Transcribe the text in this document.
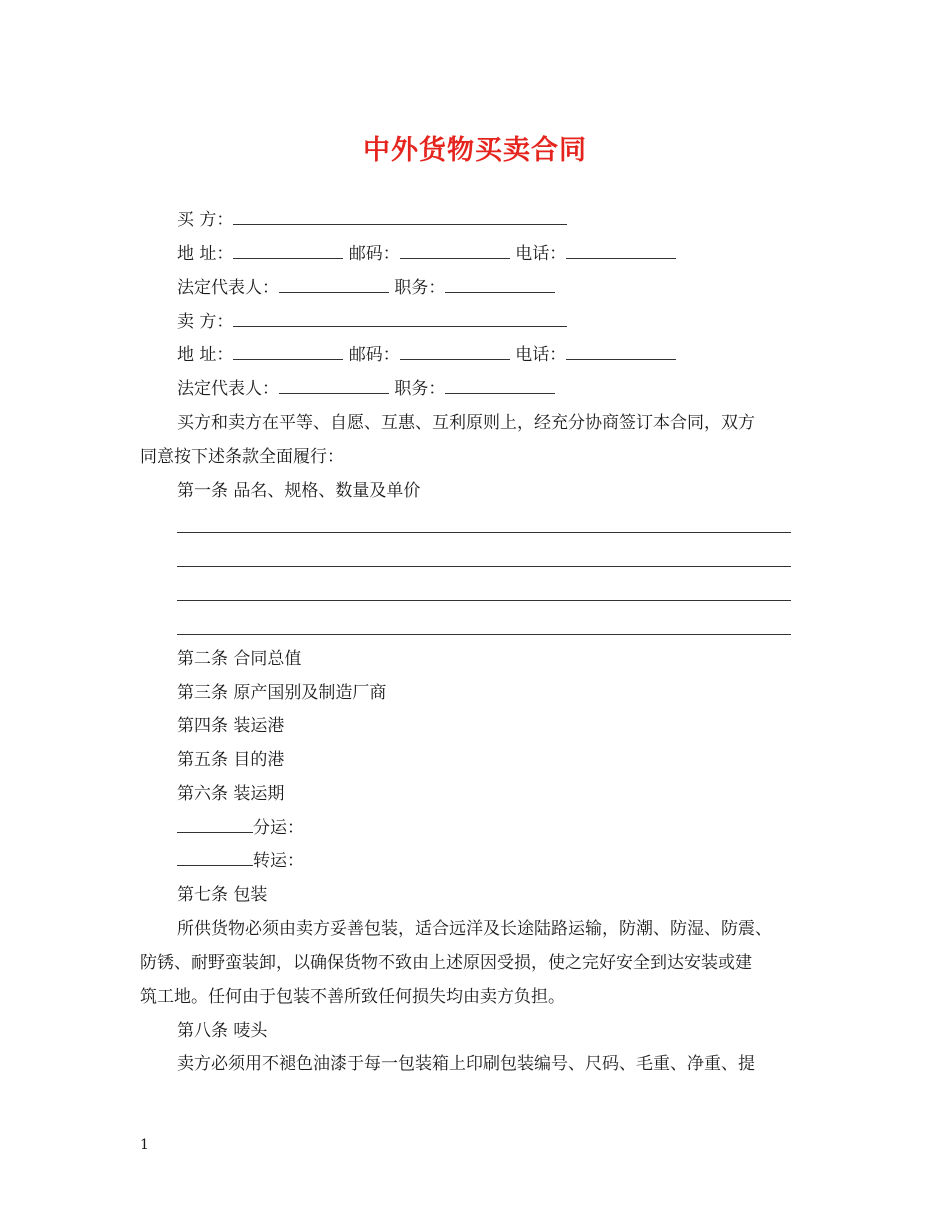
中外货物买卖合同
买 方：
地 址：	邮码：	电话：
法定代表人：	职务：
卖 方：
地 址：	邮码：	电话：
法定代表人：	职务：
买方和卖方在平等、自愿、互惠、互利原则上，经充分协商签订本合同，双方
同意按下述条款全面履行：
第一条 品名、规格、数量及单价
第二条 合同总值
第三条 原产国别及制造厂商
第四条 装运港
第五条 目的港
第六条 装运期
分运：
转运：
第七条 包装
所供货物必须由卖方妥善包装，适合远洋及长途陆路运输，防潮、防湿、防震、
防锈、耐野蛮装卸，以确保货物不致由上述原因受损，使之完好安全到达安装或建
筑工地。任何由于包装不善所致任何损失均由卖方负担。
第八条 唛头
卖方必须用不褪色油漆于每一包装箱上印刷包装编号、尺码、毛重、净重、提
1
